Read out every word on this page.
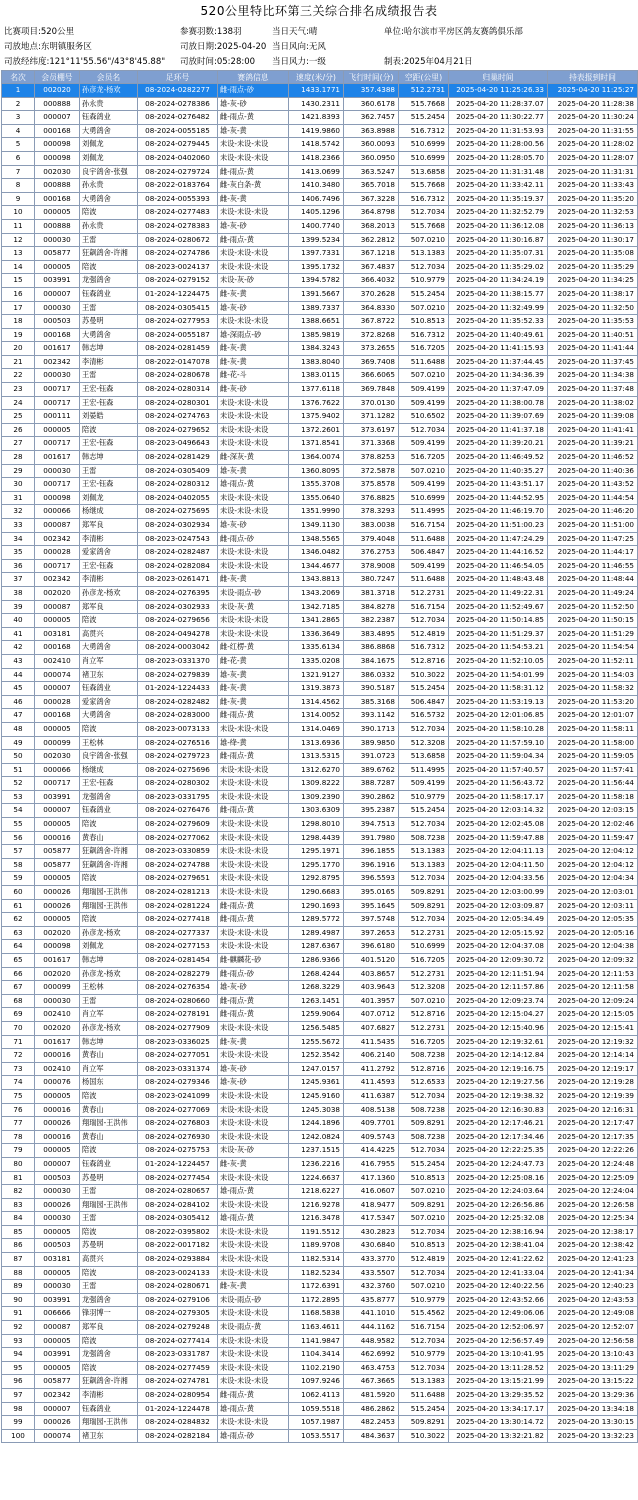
520公里特比环第三关综合排名成绩报告表
比赛项目:520公里	参赛羽数:138羽	当日天气:晴	单位:哈尔滨市平房区鸽友赛鸽俱乐部
司放地点:东明镇服务区	司放日期:2025-04-20 当日风向:无风
司放经纬度:121°11'55.56"/43°8'45.88" 司放时间:05:28:00 当日风力:一级	制表:2025年04月21日
名次	会员棚号	会员名	足环号	赛鸽信息	速度(米/分)	飞行时间(分)	空距(公里)	归巢时间	持表报到时间
1	002020	孙彦龙-杨欢	08-2024-0282277	雌-雨点-砂	1433.1771	357.4388	512.2731	2025-04-20 11:25:26.33	2025-04-20 11:25:27
2	000888	孙永贵	08-2024-0278386	雄-灰-砂	1430.2311	360.6178	515.7668	2025-04-20 11:28:37.07	2025-04-20 11:28:38
3	000007	钰森鸽业	08-2024-0276482	雌-雨点-黄	1421.8393	362.7457	515.2454	2025-04-20 11:30:22.77	2025-04-20 11:30:24
4	000168	大勇鸽舍	08-2024-0055185	雄-灰-黄	1419.9860	363.8988	516.7312	2025-04-20 11:31:53.93	2025-04-20 11:31:55
5	000098	刘佩龙	08-2024-0279445	未设-未设-未设	1418.5742	360.0093	510.6999	2025-04-20 11:28:00.56	2025-04-20 11:28:02
6	000098	刘佩龙	08-2024-0402060	未设-未设-未设	1418.2366	360.0950	510.6999	2025-04-20 11:28:05.70	2025-04-20 11:28:07
7	002030	良宇鸽舍-张强	08-2024-0279724	雌-雨点-黄	1413.0699	363.5247	513.6858	2025-04-20 11:31:31.48	2025-04-20 11:31:31
8	000888	孙永贵	08-2022-0183764	雌-灰白条-黄	1410.3480	365.7018	515.7668	2025-04-20 11:33:42.11	2025-04-20 11:33:43
9	000168	大勇鸽舍	08-2024-0055393	雌-灰-黄	1406.7496	367.3228	516.7312	2025-04-20 11:35:19.37	2025-04-20 11:35:20
10	000005	陪波	08-2024-0277483	未设-未设-未设	1405.1296	364.8798	512.7034	2025-04-20 11:32:52.79	2025-04-20 11:32:53
11	000888	孙永贵	08-2024-0278383	雄-灰-砂	1400.7740	368.2013	515.7668	2025-04-20 11:36:12.08	2025-04-20 11:36:13
12	000030	王雷	08-2024-0280672	雌-雨点-黄	1399.5234	362.2812	507.0210	2025-04-20 11:30:16.87	2025-04-20 11:30:17
13	005877	狂飙鸽舍-许湘	08-2024-0274786	未设-未设-未设	1397.7331	367.1218	513.1383	2025-04-20 11:35:07.31	2025-04-20 11:35:08
14	000005	陪波	08-2023-0024137	未设-未设-未设	1395.1732	367.4837	512.7034	2025-04-20 11:35:29.02	2025-04-20 11:35:29
15	003991	龙强鸽舍	08-2024-0279152	未设-灰-砂	1394.5782	366.4032	510.9779	2025-04-20 11:34:24.19	2025-04-20 11:34:25
16	000007	钰森鸽业	01-2024-1224475	雌-灰-黄	1391.5667	370.2628	515.2454	2025-04-20 11:38:15.77	2025-04-20 11:38:17
17	000030	王雷	08-2024-0305415	雄-灰-砂	1389.7337	364.8330	507.0210	2025-04-20 11:32:49.99	2025-04-20 11:32:50
18	000503	苏曼明	08-2024-0277953	未设-未设-未设	1388.6651	367.8722	510.8513	2025-04-20 11:35:52.33	2025-04-20 11:35:53
19	000168	大勇鸽舍	08-2024-0055187	雄-深雨点-砂	1385.9819	372.8268	516.7312	2025-04-20 11:40:49.61	2025-04-20 11:40:51
20	001617	韩志坤	08-2024-0281459	雌-灰-黄	1384.3243	373.2655	516.7205	2025-04-20 11:41:15.93	2025-04-20 11:41:44
21	002342	李清彬	08-2022-0147078	雌-灰-黄	1383.8040	369.7408	511.6488	2025-04-20 11:37:44.45	2025-04-20 11:37:45
22	000030	王雷	08-2024-0280678	雌-花-斗	1383.0115	366.6065	507.0210	2025-04-20 11:34:36.39	2025-04-20 11:34:38
23	000717	王宏-钰森	08-2024-0280314	雌-灰-砂	1377.6118	369.7848	509.4199	2025-04-20 11:37:47.09	2025-04-20 11:37:48
24	000717	王宏-钰森	08-2024-0280301	未设-未设-未设	1376.7622	370.0130	509.4199	2025-04-20 11:38:00.78	2025-04-20 11:38:02
25	000111	刘晏皓	08-2024-0274763	未设-未设-未设	1375.9402	371.1282	510.6502	2025-04-20 11:39:07.69	2025-04-20 11:39:08
26	000005	陪波	08-2024-0279652	未设-未设-未设	1372.2601	373.6197	512.7034	2025-04-20 11:41:37.18	2025-04-20 11:41:41
27	000717	王宏-钰森	08-2023-0496643	未设-未设-未设	1371.8541	371.3368	509.4199	2025-04-20 11:39:20.21	2025-04-20 11:39:21
28	001617	韩志坤	08-2024-0281429	雌-深灰-黄	1364.0074	378.8253	516.7205	2025-04-20 11:46:49.52	2025-04-20 11:46:52
29	000030	王雷	08-2024-0305409	雄-灰-黄	1360.8095	372.5878	507.0210	2025-04-20 11:40:35.27	2025-04-20 11:40:36
30	000717	王宏-钰森	08-2024-0280312	雄-雨点-黄	1355.3708	375.8578	509.4199	2025-04-20 11:43:51.17	2025-04-20 11:43:52
31	000098	刘佩龙	08-2024-0402055	未设-未设-未设	1355.0640	376.8825	510.6999	2025-04-20 11:44:52.95	2025-04-20 11:44:54
32	000066	杨继成	08-2024-0275695	未设-未设-未设	1351.9990	378.3293	511.4995	2025-04-20 11:46:19.70	2025-04-20 11:46:20
33	000087	郑军良	08-2024-0302934	雄-灰-砂	1349.1130	383.0038	516.7154	2025-04-20 11:51:00.23	2025-04-20 11:51:00
34	002342	李清彬	08-2023-0247543	雌-雨点-砂	1348.5565	379.4048	511.6488	2025-04-20 11:47:24.29	2025-04-20 11:47:25
35	000028	爱家鸽舍	08-2024-0282487	未设-未设-未设	1346.0482	376.2753	506.4847	2025-04-20 11:44:16.52	2025-04-20 11:44:17
36	000717	王宏-钰森	08-2024-0282084	未设-未设-未设	1344.4677	378.9008	509.4199	2025-04-20 11:46:54.05	2025-04-20 11:46:55
37	002342	李清彬	08-2023-0261471	雌-灰-黄	1343.8813	380.7247	511.6488	2025-04-20 11:48:43.48	2025-04-20 11:48:44
38	002020	孙彦龙-杨欢	08-2024-0276395	未设-雨点-砂	1343.2069	381.3718	512.2731	2025-04-20 11:49:22.31	2025-04-20 11:49:24
39	000087	郑军良	08-2024-0302933	未设-灰-黄	1342.7185	384.8278	516.7154	2025-04-20 11:52:49.67	2025-04-20 11:52:50
40	000005	陪波	08-2024-0279656	未设-未设-未设	1341.2865	382.2387	512.7034	2025-04-20 11:50:14.85	2025-04-20 11:50:15
41	003181	高贯兴	08-2024-0494278	未设-未设-未设	1336.3649	383.4895	512.4819	2025-04-20 11:51:29.37	2025-04-20 11:51:29
42	000168	大勇鸽舍	08-2024-0003042	雌-红楞-黄	1335.6134	386.8868	516.7312	2025-04-20 11:54:53.21	2025-04-20 11:54:54
43	002410	肖立军	08-2023-0331370	雌-花-黄	1335.0208	384.1675	512.8716	2025-04-20 11:52:10.05	2025-04-20 11:52:11
44	000074	褚卫东	08-2024-0279839	雄-灰-黄	1321.9127	386.0332	510.3022	2025-04-20 11:54:01.99	2025-04-20 11:54:03
45	000007	钰森鸽业	01-2024-1224433	雌-灰-黄	1319.3873	390.5187	515.2454	2025-04-20 11:58:31.12	2025-04-20 11:58:32
46	000028	爱家鸽舍	08-2024-0282482	雌-灰-黄	1314.4562	385.3168	506.4847	2025-04-20 11:53:19.13	2025-04-20 11:53:20
47	000168	大勇鸽舍	08-2024-0283000	雌-雨点-黄	1314.0052	393.1142	516.5732	2025-04-20 12:01:06.85	2025-04-20 12:01:07
48	000005	陪波	08-2023-0073133	未设-未设-未设	1314.0469	390.1713	512.7034	2025-04-20 11:58:10.28	2025-04-20 11:58:11
49	000099	王松林	08-2024-0276516	雄-绛-黄	1313.6936	389.9850	512.3208	2025-04-20 11:57:59.10	2025-04-20 11:58:00
50	002030	良宇鸽舍-张强	08-2024-0279723	雌-雨点-黄	1313.5315	391.0723	513.6858	2025-04-20 11:59:04.34	2025-04-20 11:59:05
51	000066	杨继成	08-2024-0275696	未设-未设-未设	1312.6270	389.6762	511.4995	2025-04-20 11:57:40.57	2025-04-20 11:57:41
52	000717	王宏-钰森	08-2024-0280302	未设-未设-未设	1309.8222	388.7287	509.4199	2025-04-20 11:56:43.72	2025-04-20 11:56:44
53	003991	龙强鸽舍	08-2023-0331795	未设-未设-未设	1309.2390	390.2862	510.9779	2025-04-20 11:58:17.17	2025-04-20 11:58:18
54	000007	钰森鸽业	08-2024-0276476	雌-雨点-黄	1303.6309	395.2387	515.2454	2025-04-20 12:03:14.32	2025-04-20 12:03:15
55	000005	陪波	08-2024-0279609	未设-未设-未设	1298.8010	394.7513	512.7034	2025-04-20 12:02:45.08	2025-04-20 12:02:46
56	000016	黄春山	08-2024-0277062	未设-未设-未设	1298.4439	391.7980	508.7238	2025-04-20 11:59:47.88	2025-04-20 11:59:47
57	005877	狂飙鸽舍-许湘	08-2023-0330859	未设-未设-未设	1295.1971	396.1855	513.1383	2025-04-20 12:04:11.13	2025-04-20 12:04:12
58	005877	狂飙鸽舍-许湘	08-2024-0274788	未设-未设-未设	1295.1770	396.1916	513.1383	2025-04-20 12:04:11.50	2025-04-20 12:04:12
59	000005	陪波	08-2024-0279651	未设-未设-未设	1292.8795	396.5593	512.7034	2025-04-20 12:04:33.56	2025-04-20 12:04:34
60	000026	翔瑞园-王洪伟	08-2024-0281213	未设-未设-未设	1290.6683	395.0165	509.8291	2025-04-20 12:03:00.99	2025-04-20 12:03:01
61	000026	翔瑞园-王洪伟	08-2024-0281224	雌-雨点-黄	1290.1693	395.1645	509.8291	2025-04-20 12:03:09.87	2025-04-20 12:03:11
62	000005	陪波	08-2024-0277418	雌-雨点-黄	1289.5772	397.5748	512.7034	2025-04-20 12:05:34.49	2025-04-20 12:05:35
63	002020	孙彦龙-杨欢	08-2024-0277337	未设-未设-未设	1289.4987	397.2653	512.2731	2025-04-20 12:05:15.92	2025-04-20 12:05:16
64	000098	刘佩龙	08-2024-0277153	未设-未设-未设	1287.6367	396.6180	510.6999	2025-04-20 12:04:37.08	2025-04-20 12:04:38
65	001617	韩志坤	08-2024-0281454	雌-麒麟花-砂	1286.9366	401.5120	516.7205	2025-04-20 12:09:30.72	2025-04-20 12:09:32
66	002020	孙彦龙-杨欢	08-2024-0282279	雌-雨点-砂	1268.4244	403.8657	512.2731	2025-04-20 12:11:51.94	2025-04-20 12:11:53
67	000099	王松林	08-2024-0276354	雄-灰-砂	1268.3229	403.9643	512.3208	2025-04-20 12:11:57.86	2025-04-20 12:11:58
68	000030	王雷	08-2024-0280660	雌-雨点-黄	1263.1451	401.3957	507.0210	2025-04-20 12:09:23.74	2025-04-20 12:09:24
69	002410	肖立军	08-2024-0278191	雌-雨点-黄	1259.9064	407.0712	512.8716	2025-04-20 12:15:04.27	2025-04-20 12:15:05
70	002020	孙彦龙-杨欢	08-2024-0277909	未设-未设-未设	1256.5485	407.6827	512.2731	2025-04-20 12:15:40.96	2025-04-20 12:15:41
71	001617	韩志坤	08-2023-0336025	雌-灰-黄	1255.5672	411.5435	516.7205	2025-04-20 12:19:32.61	2025-04-20 12:19:32
72	000016	黄春山	08-2024-0277051	未设-未设-未设	1252.3542	406.2140	508.7238	2025-04-20 12:14:12.84	2025-04-20 12:14:14
73	002410	肖立军	08-2023-0331374	雄-灰-砂	1247.0157	411.2792	512.8716	2025-04-20 12:19:16.75	2025-04-20 12:19:17
74	000076	杨国东	08-2024-0279346	雄-灰-砂	1245.9361	411.4593	512.6533	2025-04-20 12:19:27.56	2025-04-20 12:19:28
75	000005	陪波	08-2023-0241099	未设-未设-未设	1245.9160	411.6387	512.7034	2025-04-20 12:19:38.32	2025-04-20 12:19:39
76	000016	黄春山	08-2024-0277069	未设-未设-未设	1245.3038	408.5138	508.7238	2025-04-20 12:16:30.83	2025-04-20 12:16:31
77	000026	翔瑞园-王洪伟	08-2024-0276803	未设-未设-未设	1244.1896	409.7701	509.8291	2025-04-20 12:17:46.21	2025-04-20 12:17:47
78	000016	黄春山	08-2024-0276930	未设-未设-未设	1242.0824	409.5743	508.7238	2025-04-20 12:17:34.46	2025-04-20 12:17:35
79	000005	陪波	08-2024-0275753	未设-灰-砂	1237.1515	414.4225	512.7034	2025-04-20 12:22:25.35	2025-04-20 12:22:26
80	000007	钰森鸽业	01-2024-1224457	雌-灰-黄	1236.2216	416.7955	515.2454	2025-04-20 12:24:47.73	2025-04-20 12:24:48
81	000503	苏曼明	08-2024-0277454	未设-未设-未设	1224.6637	417.1360	510.8513	2025-04-20 12:25:08.16	2025-04-20 12:25:09
82	000030	王雷	08-2024-0280657	雄-雨点-黄	1218.6227	416.0607	507.0210	2025-04-20 12:24:03.64	2025-04-20 12:24:04
83	000026	翔瑞园-王洪伟	08-2024-0284102	未设-未设-未设	1216.9278	418.9477	509.8291	2025-04-20 12:26:56.86	2025-04-20 12:26:58
84	000030	王雷	08-2024-0305412	雄-雨点-黄	1216.3478	417.5347	507.0210	2025-04-20 12:25:32.08	2025-04-20 12:25:34
85	000005	陪波	08-2022-0395802	未设-未设-未设	1191.5512	430.2823	512.7034	2025-04-20 12:38:16.94	2025-04-20 12:38:17
86	000503	苏曼明	08-2022-0017182	未设-未设-未设	1189.9708	430.6840	510.8513	2025-04-20 12:38:41.04	2025-04-20 12:38:42
87	003181	高贯兴	08-2024-0293884	未设-未设-未设	1182.5314	433.3770	512.4819	2025-04-20 12:41:22.62	2025-04-20 12:41:23
88	000005	陪波	08-2023-0024133	未设-未设-未设	1182.5234	433.5507	512.7034	2025-04-20 12:41:33.04	2025-04-20 12:41:34
89	000030	王雷	08-2024-0280671	雌-灰-黄	1172.6391	432.3760	507.0210	2025-04-20 12:40:22.56	2025-04-20 12:40:23
90	003991	龙强鸽舍	08-2024-0279106	未设-雨点-砂	1172.2895	435.8777	510.9779	2025-04-20 12:43:52.66	2025-04-20 12:43:53
91	006666	锋羽博一	08-2024-0279305	未设-未设-未设	1168.5838	441.1010	515.4562	2025-04-20 12:49:06.06	2025-04-20 12:49:08
92	000087	郑军良	08-2024-0279248	未设-雨点-黄	1163.4611	444.1162	516.7154	2025-04-20 12:52:06.97	2025-04-20 12:52:07
93	000005	陪波	08-2024-0277414	未设-未设-未设	1141.9847	448.9582	512.7034	2025-04-20 12:56:57.49	2025-04-20 12:56:58
94	003991	龙强鸽舍	08-2023-0331787	未设-未设-未设	1104.3414	462.6992	510.9779	2025-04-20 13:10:41.95	2025-04-20 13:10:43
95	000005	陪波	08-2024-0277459	未设-未设-未设	1102.2190	463.4753	512.7034	2025-04-20 13:11:28.52	2025-04-20 13:11:29
96	005877	狂飙鸽舍-许湘	08-2024-0274781	未设-未设-未设	1097.9246	467.3665	513.1383	2025-04-20 13:15:21.99	2025-04-20 13:15:22
97	002342	李清彬	08-2024-0280954	雌-雨点-黄	1062.4113	481.5920	511.6488	2025-04-20 13:29:35.52	2025-04-20 13:29:36
98	000007	钰森鸽业	01-2024-1224478	雄-雨点-黄	1059.5518	486.2862	515.2454	2025-04-20 13:34:17.17	2025-04-20 13:34:18
99	000026	翔瑞园-王洪伟	08-2024-0284832	未设-未设-未设	1057.1987	482.2453	509.8291	2025-04-20 13:30:14.72	2025-04-20 13:30:15
100	000074	褚卫东	08-2024-0282184	雄-雨点-砂	1053.5517	484.3637	510.3022	2025-04-20 13:32:21.82	2025-04-20 13:32:23
